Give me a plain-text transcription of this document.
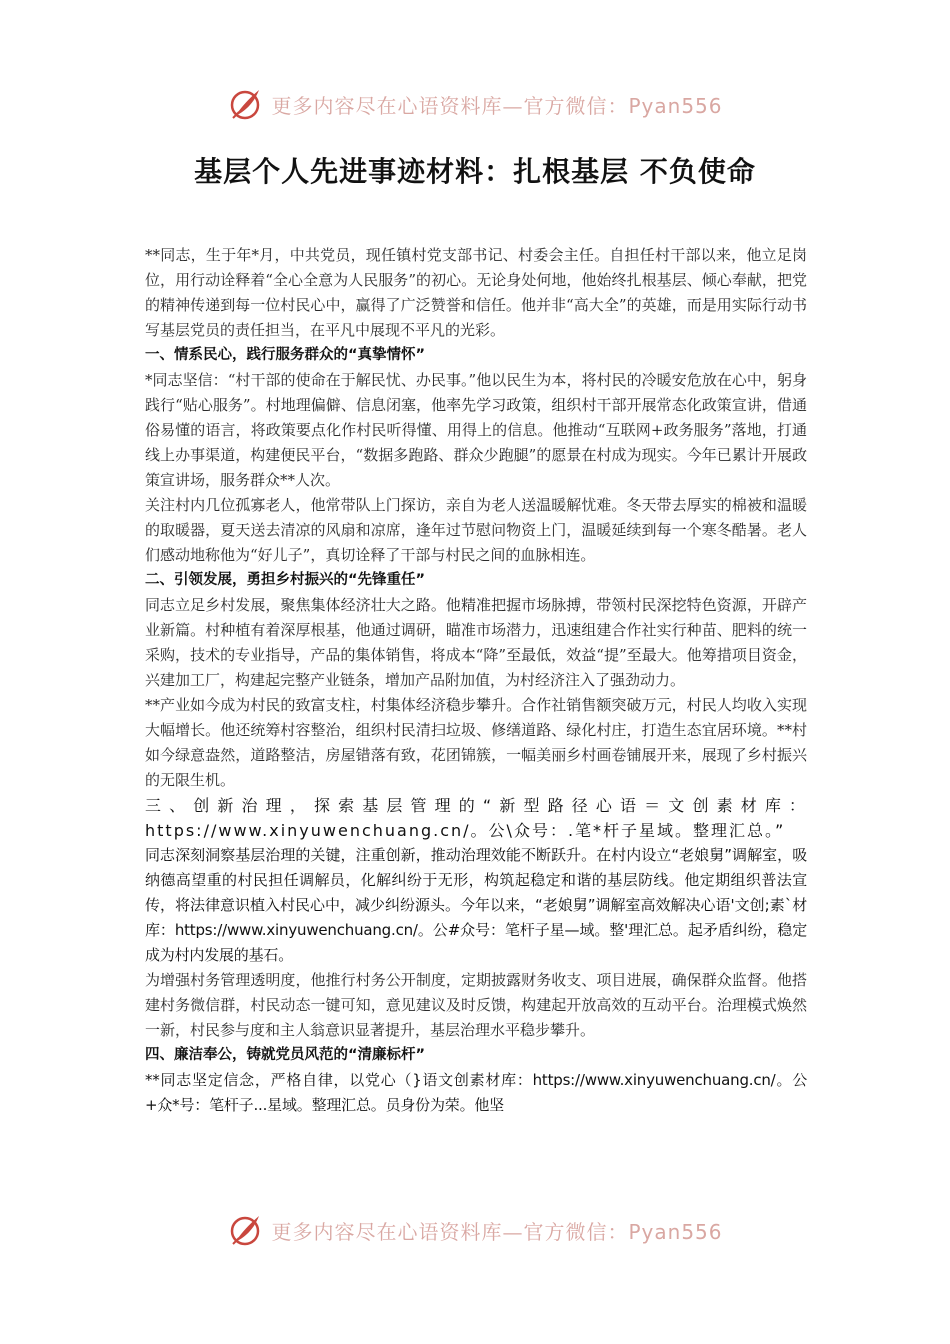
更多内容尽在心语资料库—官方微信：Pyan556
基层个人先进事迹材料：扎根基层 不负使命

**同志，生于年*月，中共党员，现任镇村党支部书记、村委会主任。自担任村干部以来，他立足岗位，用行动诠释着“全心全意为人民服务”的初心。无论身处何地，他始终扎根基层、倾心奉献，把党的精神传递到每一位村民心中，赢得了广泛赞誉和信任。他并非“高大全”的英雄，而是用实际行动书写基层党员的责任担当，在平凡中展现不平凡的光彩。

一、情系民心，践行服务群众的“真挚情怀”

*同志坚信：“村干部的使命在于解民忧、办民事。”他以民生为本，将村民的冷暖安危放在心中，躬身践行“贴心服务”。村地理偏僻、信息闭塞，他率先学习政策，组织村干部开展常态化政策宣讲，借通俗易懂的语言，将政策要点化作村民听得懂、用得上的信息。他推动“互联网+政务服务”落地，打通线上办事渠道，构建便民平台，“数据多跑路、群众少跑腿”的愿景在村成为现实。今年已累计开展政策宣讲场，服务群众**人次。

关注村内几位孤寡老人，他常带队上门探访，亲自为老人送温暖解忧难。冬天带去厚实的棉被和温暖的取暖器，夏天送去清凉的风扇和凉席，逢年过节慰问物资上门，温暖延续到每一个寒冬酷暑。老人们感动地称他为“好儿子”，真切诠释了干部与村民之间的血脉相连。

二、引领发展，勇担乡村振兴的“先锋重任”

同志立足乡村发展，聚焦集体经济壮大之路。他精准把握市场脉搏，带领村民深挖特色资源，开辟产业新篇。村种植有着深厚根基，他通过调研，瞄准市场潜力，迅速组建合作社实行种苗、肥料的统一采购，技术的专业指导，产品的集体销售，将成本“降”至最低，效益“提”至最大。他筹措项目资金，兴建加工厂，构建起完整产业链条，增加产品附加值，为村经济注入了强劲动力。

**产业如今成为村民的致富支柱，村集体经济稳步攀升。合作社销售额突破万元，村民人均收入实现大幅增长。他还统筹村容整治，组织村民清扫垃圾、修缮道路、绿化村庄，打造生态宜居环境。**村如今绿意盎然，道路整洁，房屋错落有致，花团锦簇，一幅美丽乡村画卷铺展开来，展现了乡村振兴的无限生机。

三、创新治理，探索基层管理的“新型路径心语＝文创素材库：https://www.xinyuwenchuang.cn/。公\众号：.笔*杆子星域。整理汇总。”

同志深刻洞察基层治理的关键，注重创新，推动治理效能不断跃升。在村内设立“老娘舅”调解室，吸纳德高望重的村民担任调解员，化解纠纷于无形，构筑起稳定和谐的基层防线。他定期组织普法宣传，将法律意识植入村民心中，减少纠纷源头。今年以来，“老娘舅”调解室高效解决心语'文创;素`材库：https://www.xinyuwenchuang.cn/。公#众号：笔杆子星—域。整'理汇总。起矛盾纠纷，稳定成为村内发展的基石。

为增强村务管理透明度，他推行村务公开制度，定期披露财务收支、项目进展，确保群众监督。他搭建村务微信群，村民动态一键可知，意见建议及时反馈，构建起开放高效的互动平台。治理模式焕然一新，村民参与度和主人翁意识显著提升，基层治理水平稳步攀升。

四、廉洁奉公，铸就党员风范的“清廉标杆”

**同志坚定信念，严格自律，以党心（}语文创素材库：https://www.xinyuwenchuang.cn/。公+众*号：笔杆子...星域。整理汇总。员身份为荣。他坚

更多内容尽在心语资料库—官方微信：Pyan556
